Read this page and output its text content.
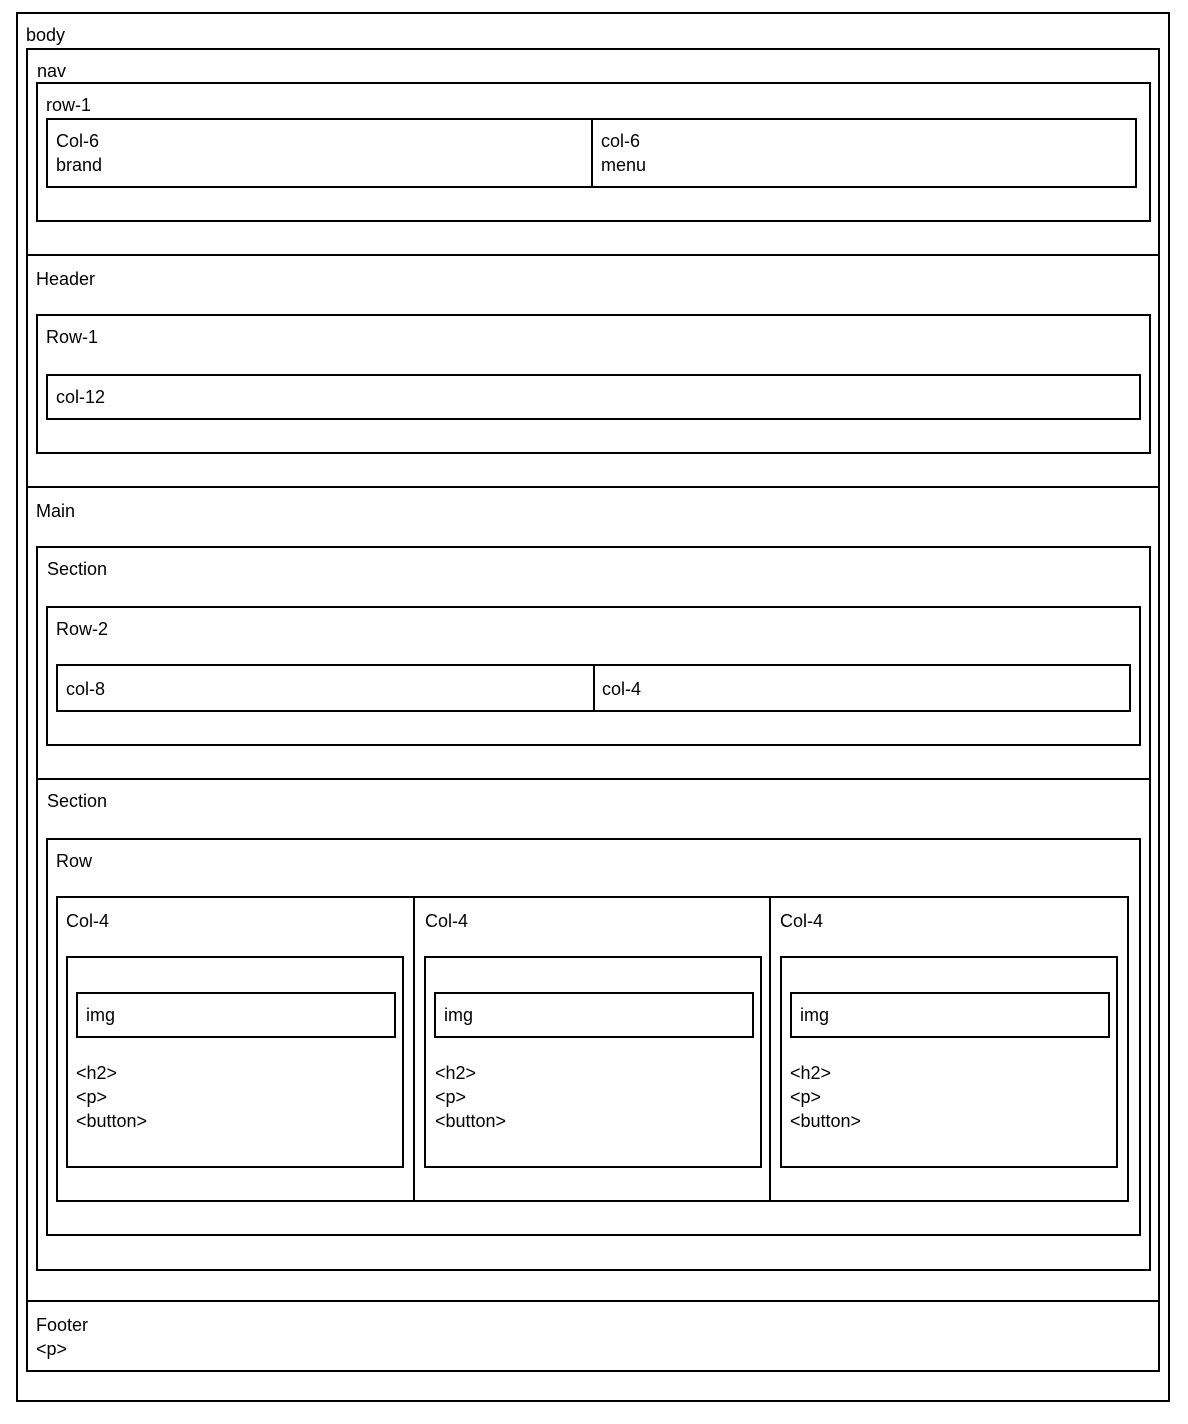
body
nav
row-1
Col-6
brand
col-6
menu
Header
Row-1
col-12
Main
Section
Row-2
col-8	col-4
Section
Row
Col-4
img
<h2>
<p>
<button>
Col-4
img
<h2>
<p>
<button>
Col-4
img
<h2>
<p>
<button>
Footer
<p>
